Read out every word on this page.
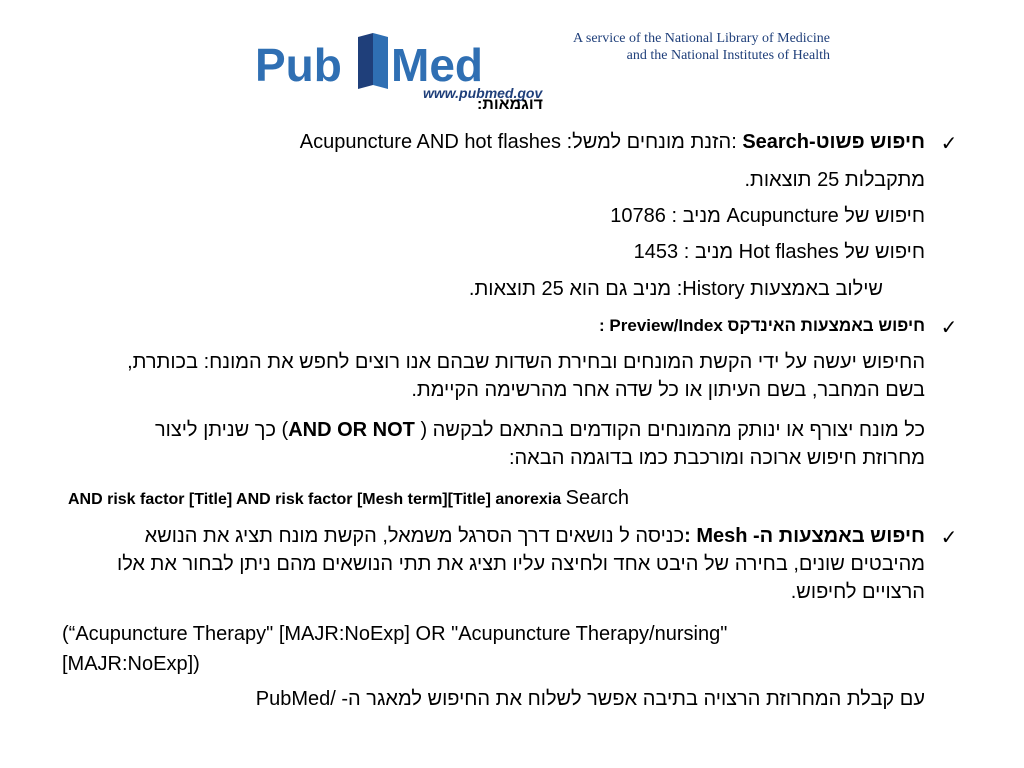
Pub Med
www.pubmed.gov
A service of the National Library of Medicine
and the National Institutes of Health
דוגמאות:
✓
חיפוש פשוט-Search :הזנת מונחים למשל: Acupuncture AND hot flashes
מתקבלות 25 תוצאות.
חיפוש של Acupuncture מניב : 10786
חיפוש של Hot flashes מניב : 1453
שילוב באמצעות History: מניב גם הוא 25 תוצאות.
✓
חיפוש באמצעות האינדקס Preview/Index :
החיפוש יעשה על ידי הקשת המונחים ובחירת השדות שבהם אנו רוצים לחפש את המונח: בכותרת, בשם המחבר, בשם העיתון או כל שדה אחר מהרשימה הקיימת.
כל מונח יצורף או ינותק מהמונחים הקודמים בהתאם לבקשה ( AND OR NOT) כך שניתן ליצור מחרוזת חיפוש ארוכה ומורכבת כמו בדוגמה הבאה:
AND risk factor [Title] AND risk factor [Mesh term][Title] anorexia Search
✓
חיפוש באמצעות ה- Mesh :כניסה ל נושאים דרך הסרגל משמאל, הקשת מונח תציג את הנושא מהיבטים שונים, בחירה של היבט אחד ולחיצה עליו תציג את תתי הנושאים מהם ניתן לבחור את אלו הרצויים לחיפוש.
(“Acupuncture Therapy" [MAJR:NoExp] OR "Acupuncture Therapy/nursing"
[MAJR:NoExp])
עם קבלת המחרוזת הרצויה בתיבה אפשר לשלוח את החיפוש למאגר ה- PubMed/
